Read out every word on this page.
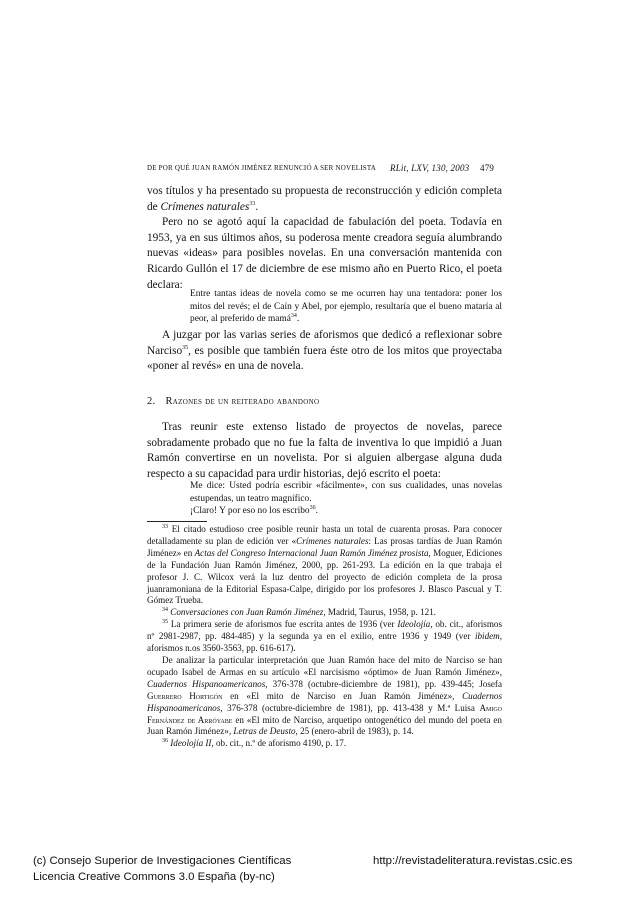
DE POR QUÉ JUAN RAMÓN JIMÉNEZ RENUNCIÓ A SER NOVELISTA RLit, LXV, 130, 2003 479

vos títulos y ha presentado su propuesta de reconstrucción y edición completa de Crímenes naturales$^{33}$.

Pero no se agotó aquí la capacidad de fabulación del poeta. Todavía en 1953, ya en sus últimos años, su poderosa mente creadora seguía alumbrando nuevas «ideas» para posibles novelas. En una conversación mantenida con Ricardo Gullón el 17 de diciembre de ese mismo año en Puerto Rico, el poeta declara:

Entre tantas ideas de novela como se me ocurren hay una tentadora: poner los mitos del revés; el de Caín y Abel, por ejemplo, resultaría que el bueno mataría al peor, al preferido de mamá$^{34}$.
A juzgar por las varias series de aforismos que dedicó a reflexionar sobre Narciso$^{35}$, es posible que también fuera éste otro de los mitos que proyectaba «poner al revés» en una de novela.
2. Razones de un reiterado abandono
Tras reunir este extenso listado de proyectos de novelas, parece sobradamente probado que no fue la falta de inventiva lo que impidió a Juan Ramón convertirse en un novelista. Por si alguien albergase alguna duda respecto a su capacidad para urdir historias, dejó escrito el poeta:

Me dice: Usted podría escribir «fácilmente», con sus cualidades, unas novelas estupendas, un teatro magnífico.

¡Claro! Y por eso no los escribo$^{36}$.

$^{33}$ El citado estudioso cree posible reunir hasta un total de cuarenta prosas. Para conocer detalladamente su plan de edición ver «Crímenes naturales: Las prosas tardías de Juan Ramón Jiménez» en Actas del Congreso Internacional Juan Ramón Jiménez prosista, Moguer, Ediciones de la Fundación Juan Ramón Jiménez, 2000, pp. 261-293. La edición en la que trabaja el profesor J. C. Wilcox verá la luz dentro del proyecto de edición completa de la prosa juanramoniana de la Editorial Espasa-Calpe, dirigido por los profesores J. Blasco Pascual y T. Gómez Trueba.

$^{34}$ Conversaciones con Juan Ramón Jiménez, Madrid, Taurus, 1958, p. 121.

$^{35}$ La primera serie de aforismos fue escrita antes de 1936 (ver Ideolojía, ob. cit., aforismos nº 2981-2987, pp. 484-485) y la segunda ya en el exilio, entre 1936 y 1949 (ver ibidem, aforismos n.os 3560-3563, pp. 616-617).

De analizar la particular interpretación que Juan Ramón hace del mito de Narciso se han ocupado Isabel de Armas en su artículo «El narcisismo «óptimo» de Juan Ramón Jiménez», Cuadernos Hispanoamericanos, 376-378 (octubre-diciembre de 1981), pp. 439-445; Josefa Guerrero Hortigón en «El mito de Narciso en Juan Ramón Jiménez», Cuadernos Hispanoamericanos, 376-378 (octubre-diciembre de 1981), pp. 413-438 y M.ª Luisa Amigo Fernández de Arróyabe en «El mito de Narciso, arquetipo ontogenético del mundo del poeta en Juan Ramón Jiménez», Letras de Deusto, 25 (enero-abril de 1983), p. 14.

$^{36}$ Ideolojía II, ob. cit., n.º de aforismo 4190, p. 17.

(c) Consejo Superior de Investigaciones Científicas
Licencia Creative Commons 3.0 España (by-nc)
http://revistadeliteratura.revistas.csic.es
